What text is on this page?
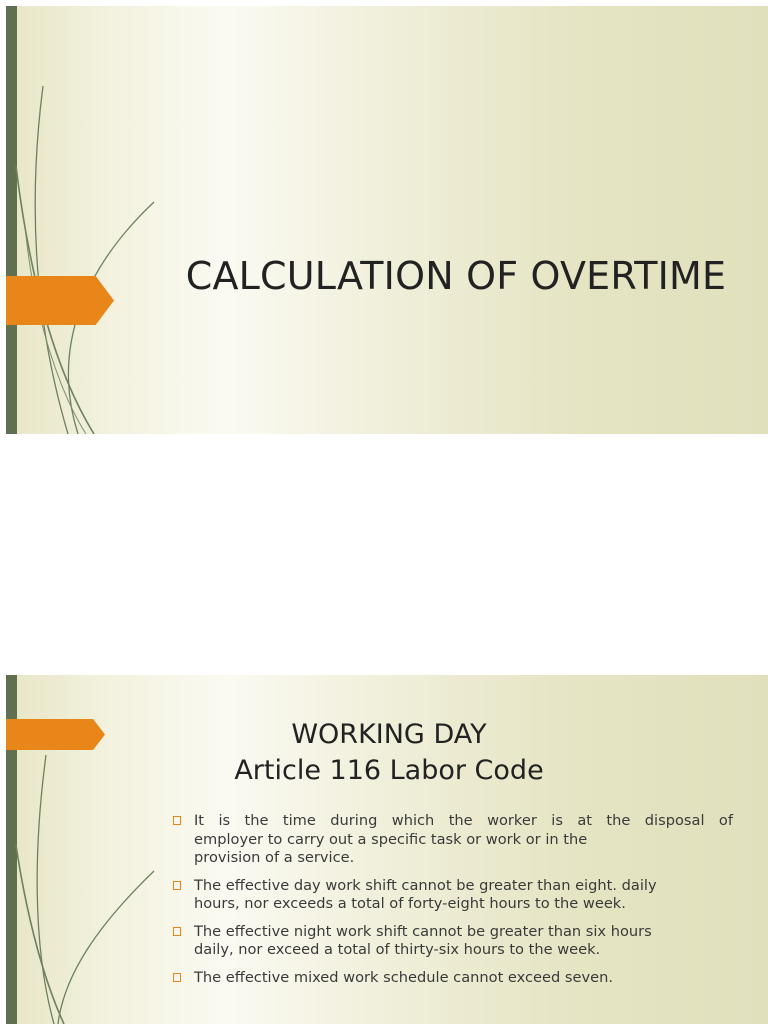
CALCULATION OF OVERTIME
WORKING DAY
Article 116 Labor Code
It is the time during which the worker is at the disposal of
employer to carry out a specific task or work or in the provision of a service.
The effective day work shift cannot be greater than eight. daily hours, nor exceeds a total of forty-eight hours to the week.
The effective night work shift cannot be greater than six hours daily, nor exceed a total of thirty-six hours to the week.
The effective mixed work schedule cannot exceed seven.
